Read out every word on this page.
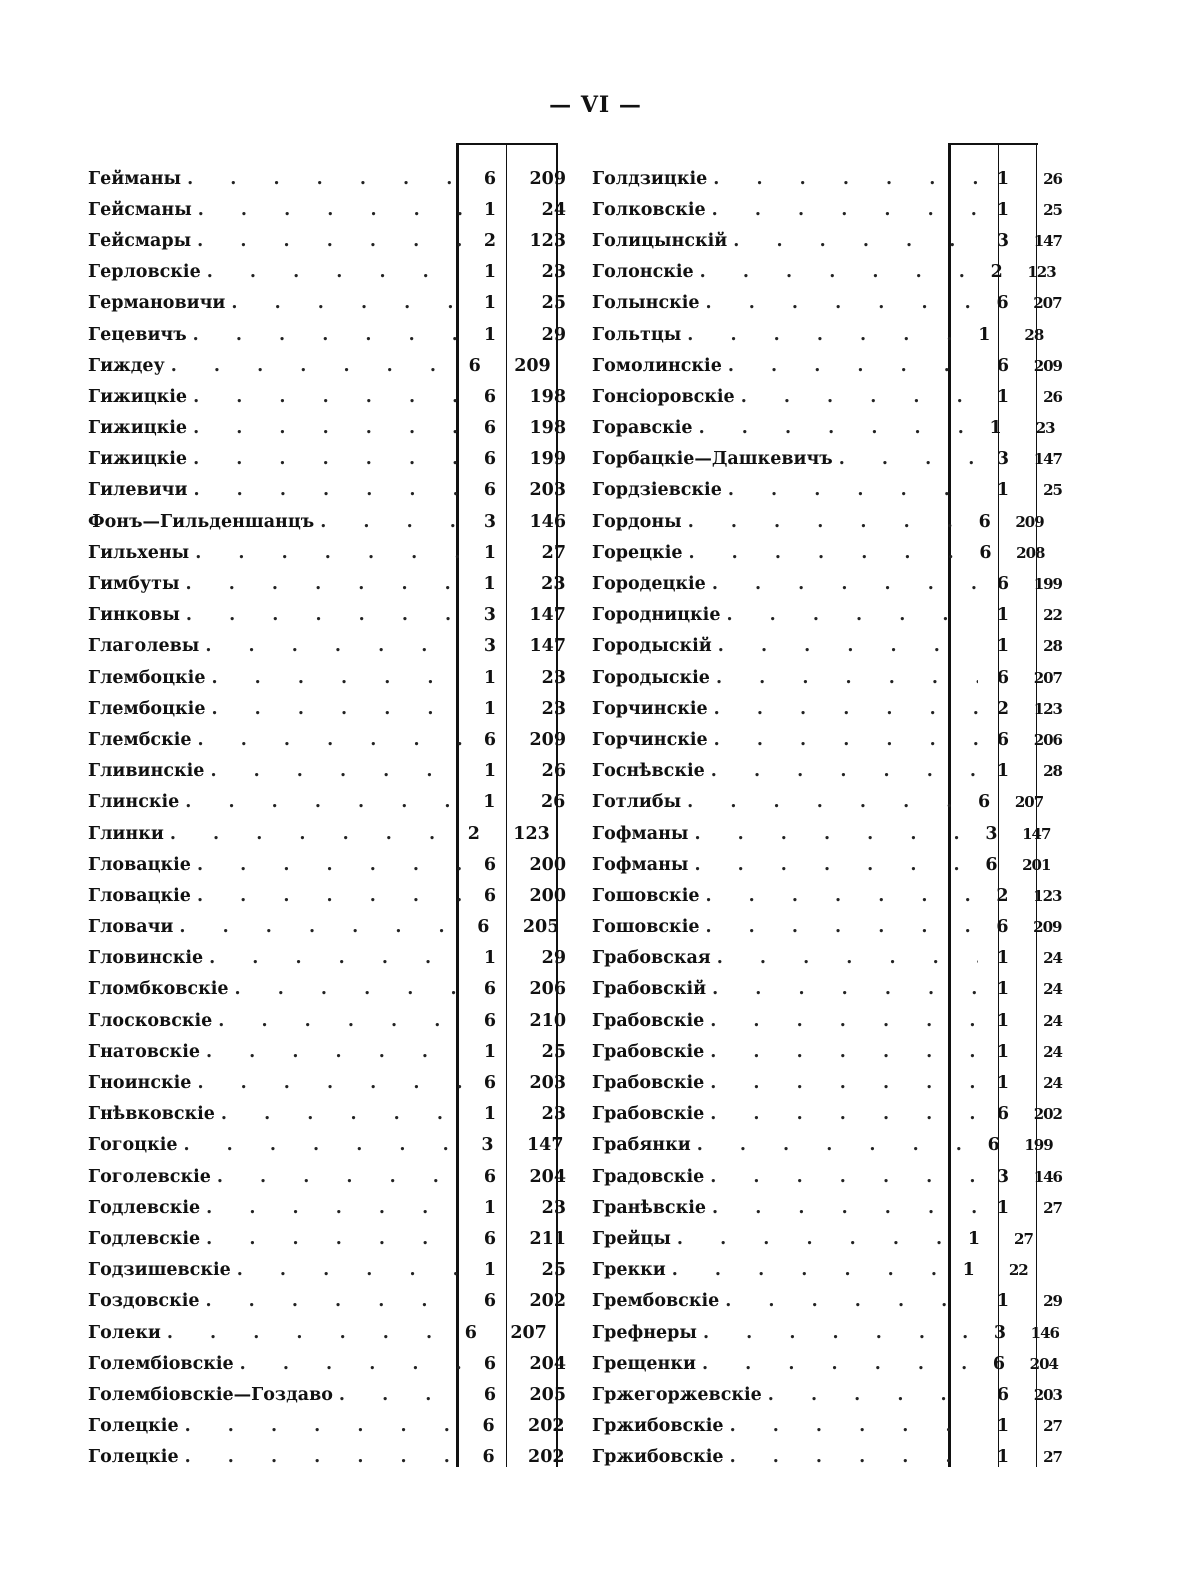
— VI —
Гейманы . . .	6	209
Гейсманы . . .	1	24
Гейсмары . . .	2	123
Герловскіе . . .	1	23
Германовичи . . .	1	25
Гецевичъ . . .	1	29
Гиждеу . . .	6	209
Гижицкіе . . .	6	198
Гижицкіе . . .	6	198
Гижицкіе . . .	6	199
Гилевичи . . .	6	203
Фонъ—Гильденшанцъ . . .	3	146
Гильхены . . .	1	27
Гимбуты . . .	1	23
Гинковы . . .	3	147
Глаголевы . . .	3	147
Глембоцкіе . . .	1	23
Глембоцкіе . . .	1	23
Глембскіе . . .	6	209
Гливинскіе . . .	1	26
Глинскіе . . .	1	26
Глинки . . .	2	123
Гловацкіе . . .	6	200
Гловацкіе . . .	6	200
Гловачи . . .	6	205
Гловинскіе . . .	1	29
Гломбковскіе . . .	6	206
Глосковскіе . . .	6	210
Гнатовскіе . . .	1	25
Гноинскіе . . .	6	203
Гнѣвковскіе . . .	1	23
Гогоцкіе . . .	3	147
Гоголевскіе . . .	6	204
Годлевскіе . . .	1	23
Годлевскіе . . .	6	211
Годзишевскіе . . .	1	25
Гоздовскіе . . .	6	202
Голеки . . .	6	207
Голембіовскіе . . .	6	204
Голембіовскіе—Гоздаво . . .	6	205
Голецкіе . . .	6	202
Голецкіе . . .	6	202
Голдзицкіе . . .	1	26
Голковскіе . . .	1	25
Голицынскій . . .	3	147
Голонскіе . . .	2	123
Голынскіе . . .	6	207
Гольтцы . . .	1	28
Гомолинскіе . . .	6	209
Гонсіоровскіе . . .	1	26
Горавскіе . . .	1	23
Горбацкіе—Дашкевичъ . . .	3	147
Гордзіевскіе . . .	1	25
Гордоны . . .	6	209
Горецкіе . . .	6	208
Городецкіе . . .	6	199
Городницкіе . . .	1	22
Городыскій . . .	1	28
Городыскіе . . .	6	207
Горчинскіе . . .	2	123
Горчинскіе . . .	6	206
Госнѣвскіе . . .	1	28
Готлибы . . .	6	207
Гофманы . . .	3	147
Гофманы . . .	6	201
Гошовскіе . . .	2	123
Гошовскіе . . .	6	209
Грабовская . . .	1	24
Грабовскій . . .	1	24
Грабовскіе . . .	1	24
Грабовскіе . . .	1	24
Грабовскіе . . .	1	24
Грабовскіе . . .	6	202
Грабянки . . .	6	199
Градовскіе . . .	3	146
Гранѣвскіе . . .	1	27
Грейцы . . .	1	27
Грекки . . .	1	22
Грембовскіе . . .	1	29
Грефнеры . . .	3	146
Грещенки . . .	6	204
Гржегоржевскіе . . .	6	203
Гржибовскіе . . .	1	27
Гржибовскіе . . .	1	27
